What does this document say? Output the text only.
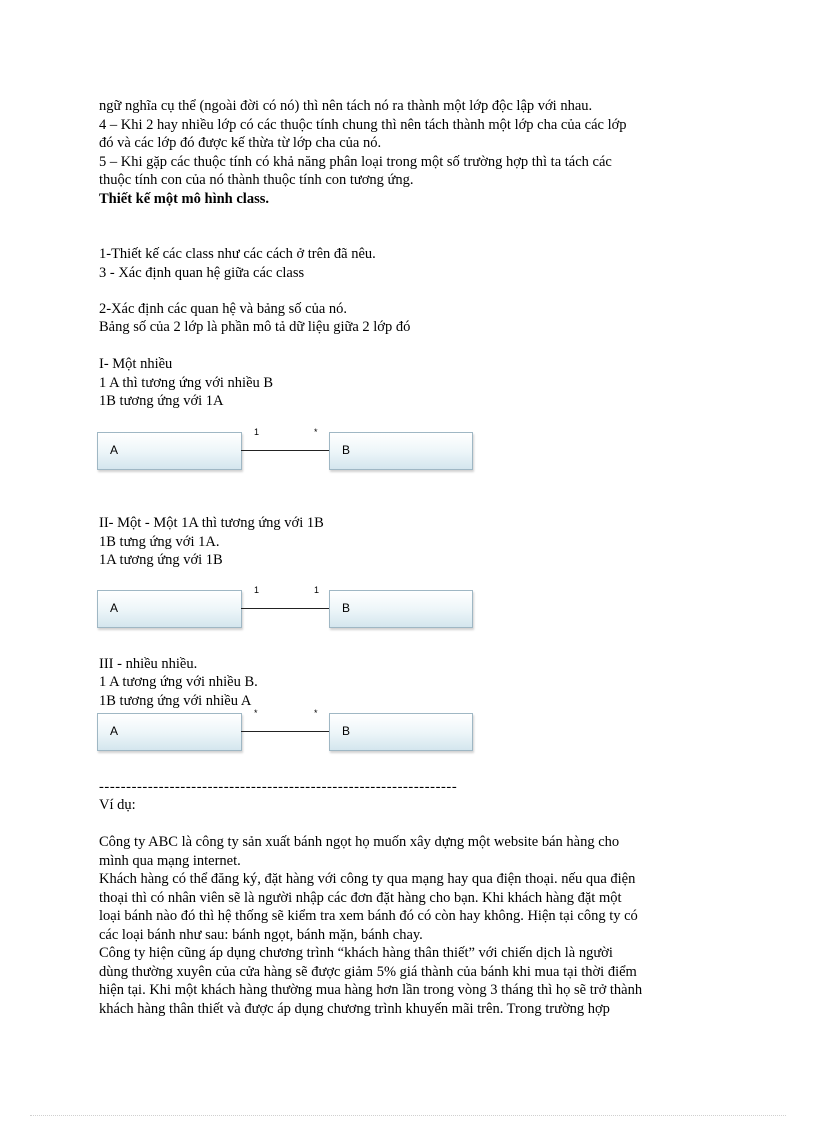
ngữ nghĩa cụ thể (ngoài đời có nó) thì nên tách nó ra thành một lớp độc lập với nhau.
4 – Khi 2 hay nhiều lớp có các thuộc tính chung thì nên tách thành một lớp cha của các lớp
đó và các lớp đó được kế thừa từ lớp cha của nó.
5 – Khi gặp các thuộc tính có khả năng phân loại trong một số trường hợp thì ta tách các
thuộc tính con của nó thành thuộc tính con tương ứng.
Thiết kế một mô hình class.
1-Thiết kế các class như các cách ở trên đã nêu.
3 - Xác định quan hệ giữa các class
2-Xác định các quan hệ và bảng số của nó.
Bảng số của 2 lớp là phần mô tả dữ liệu giữa 2 lớp đó
I- Một nhiều
1 A thì tương ứng với nhiều B
1B tương ứng với 1A
A
1	*
B
II- Một - Một 1A thì tương ứng với 1B
1B tưng ứng với 1A.
1A tương ứng với 1B
A
1	1
B
III - nhiều nhiều.
1 A tương ứng với nhiều B.
1B tương ứng với nhiều A
A
*	*
B
------------------------------------------------------------------
Ví dụ:
Công ty ABC là công ty sản xuất bánh ngọt họ muốn xây dựng một website bán hàng cho
mình qua mạng internet.
Khách hàng có thể đăng ký, đặt hàng với công ty qua mạng hay qua điện thoại. nếu qua điện
thoại thì có nhân viên sẽ là người nhập các đơn đặt hàng cho bạn. Khi khách hàng đặt một
loại bánh nào đó thì hệ thống sẽ kiểm tra xem bánh đó có còn hay không. Hiện tại công ty có
các loại bánh như sau: bánh ngọt, bánh mặn, bánh chay.
Công ty hiện cũng áp dụng chương trình “khách hàng thân thiết” với chiến dịch là người
dùng thường xuyên của cửa hàng sẽ được giảm 5% giá thành của bánh khi mua tại thời điểm
hiện tại. Khi một khách hàng thường mua hàng hơn lần trong vòng 3 tháng thì họ sẽ trở thành
khách hàng thân thiết và được áp dụng chương trình khuyến mãi trên. Trong trường hợp
